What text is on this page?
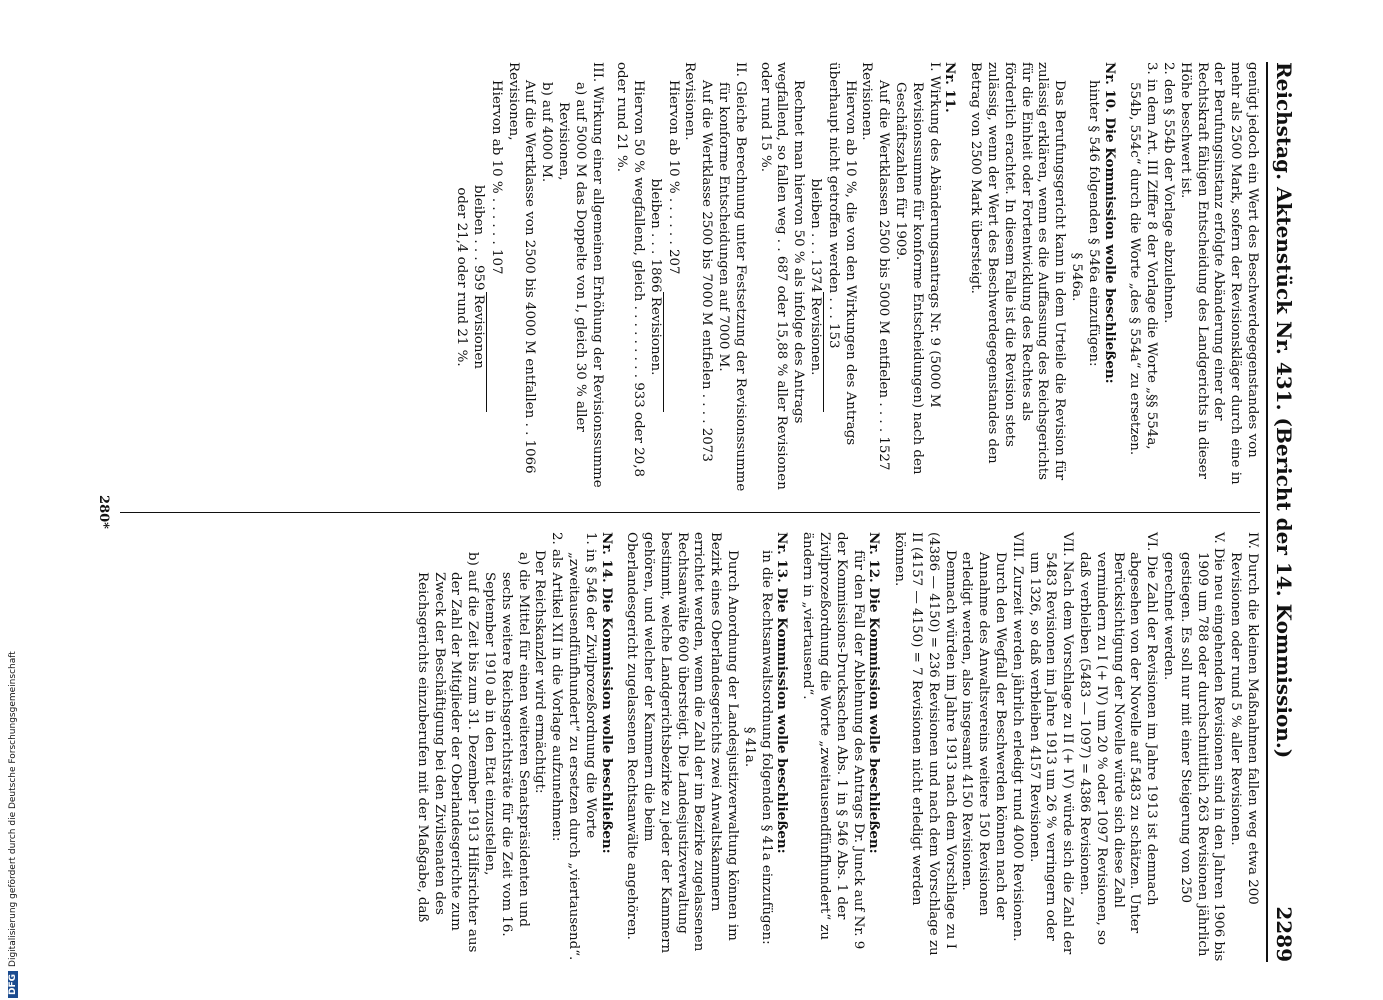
Reichstag. Aktenstück Nr. 431. (Bericht der 14. Kommission.)
2289

genügt jedoch ein Wert des Beschwerdegegenstandes von mehr als 2500 Mark, sofern der Revisionskläger durch eine in der Berufungsinstanz erfolgte Abänderung einer der Rechtskraft fähigen Entscheidung des Landgerichts in dieser Höhe beschwert ist.

2. den § 554b der Vorlage abzulehnen.

3. in dem Art. III Ziffer 8 der Vorlage die Worte „§§ 554a, 554b, 554c“ durch die Worte „des § 554a“ zu ersetzen.

Nr. 10. Die Kommission wolle beschließen:

hinter § 546 folgenden § 546a einzufügen:

§ 546a.

Das Berufungsgericht kann in dem Urteile die Revision für zulässig erklären, wenn es die Auffassung des Reichsgerichts für die Einheit oder Fortentwicklung des Rechtes als förderlich erachtet. In diesem Falle ist die Revision stets zulässig, wenn der Wert des Beschwerdegegenstandes den Betrag von 2500 Mark übersteigt.

Nr. 11.

I. Wirkung des Abänderungsantrags Nr. 9 (5000 M Revisionssumme für konforme Entscheidungen) nach den Geschäftszahlen für 1909.

Auf die Wertklassen 2500 bis 5000 M entfielen . . . . 1527 Revisionen.

Hiervon ab 10 %, die von den Wirkungen des Antrags überhaupt nicht getroffen werden . . . 153

bleiben . . . 1374 Revisionen.

Rechnet man hiervon 50 % als infolge des Antrags wegfallend, so fallen weg . . 687 oder 15,88 % aller Revisionen oder rund 15 %.

II. Gleiche Berechnung unter Festsetzung der Revisionssumme für konforme Entscheidungen auf 7000 M.

Auf die Wertklasse 2500 bis 7000 M entfielen . . . . 2073 Revisionen.

Hiervon ab 10 % . . . . . . 207

bleiben . . . 1866 Revisionen.

Hiervon 50 % wegfallend, gleich . . . . . . . . . 933 oder 20,8 oder rund 21 %.

III. Wirkung einer allgemeinen Erhöhung der Revisionssumme

a) auf 5000 M das Doppelte von I, gleich 30 % aller Revisionen,

b) auf 4000 M.

Auf die Wertklasse von 2500 bis 4000 M entfallen . . 1066 Revisionen,

Hiervon ab 10 % . . . . . . 107

bleiben . . . 959 Revisionen

oder 21,4 oder rund 21 %.

IV. Durch die kleinen Maßnahmen fallen weg etwa 200 Revisionen oder rund 5 % aller Revisionen.

V. Die neu eingehenden Revisionen sind in den Jahren 1906 bis 1909 um 788 oder durchschnittlich 263 Revisionen jährlich gestiegen. Es soll nur mit einer Steigerung von 250 gerechnet werden.

VI. Die Zahl der Revisionen im Jahre 1913 ist demnach abgesehen von der Novelle auf 5483 zu schätzen. Unter Berücksichtigung der Novelle würde sich diese Zahl vermindern zu I (+ IV) um 20 % oder 1097 Revisionen, so daß verbleiben (5483 — 1097) = 4386 Revisionen.

VII. Nach dem Vorschlage zu II (+ IV) würde sich die Zahl der 5483 Revisionen im Jahre 1913 um 26 % verringern oder um 1326, so daß verbleiben 4157 Revisionen.

VIII. Zurzeit werden jährlich erledigt rund 4000 Revisionen. Durch den Wegfall der Beschwerden können nach der Annahme des Anwaltsvereins weitere 150 Revisionen erledigt werden, also insgesamt 4150 Revisionen.

Demnach würden im Jahre 1913 nach dem Vorschlage zu I (4386 — 4150) = 236 Revisionen und nach dem Vorschlage zu II (4157 — 4150) = 7 Revisionen nicht erledigt werden können.

Nr. 12. Die Kommission wolle beschließen:

für den Fall der Ablehnung des Antrags Dr. Junck auf Nr. 9 der Kommissions-Drucksachen Abs. 1 in § 546 Abs. 1 der Zivilprozeßordnung die Worte „zweitausendfünfhundert“ zu ändern in „viertausend“.

Nr. 13. Die Kommission wolle beschließen:

in die Rechtsanwaltsordnung folgenden § 41a einzufügen:

§ 41a.

Durch Anordnung der Landesjustizverwaltung können im Bezirk eines Oberlandesgerichts zwei Anwaltskammern errichtet werden, wenn die Zahl der im Bezirke zugelassenen Rechtsanwälte 600 übersteigt. Die Landesjustizverwaltung bestimmt, welche Landgerichtsbezirke zu jeder der Kammern gehören, und welcher der Kammern die beim Oberlandesgericht zugelassenen Rechtsanwälte angehören.

Nr. 14. Die Kommission wolle beschließen:

1. in § 546 der Zivilprozeßordnung die Worte „zweitausendfünfhundert“ zu ersetzen durch „viertausend“.

2. als Artikel XII in die Vorlage aufzunehmen:

Der Reichskanzler wird ermächtigt:

a) die Mittel für einen weiteren Senatspräsidenten und sechs weitere Reichsgerichtsräte für die Zeit vom 16. September 1910 ab in den Etat einzustellen,

b) auf die Zeit bis zum 31. Dezember 1913 Hilfsrichter aus der Zahl der Mitglieder der Oberlandesgerichte zum Zweck der Beschäftigung bei den Zivilsenaten des Reichsgerichts einzuberufen mit der Maßgabe, daß

280*
DFGDigitalisierung gefördert durch die Deutsche Forschungsgemeinschaft
